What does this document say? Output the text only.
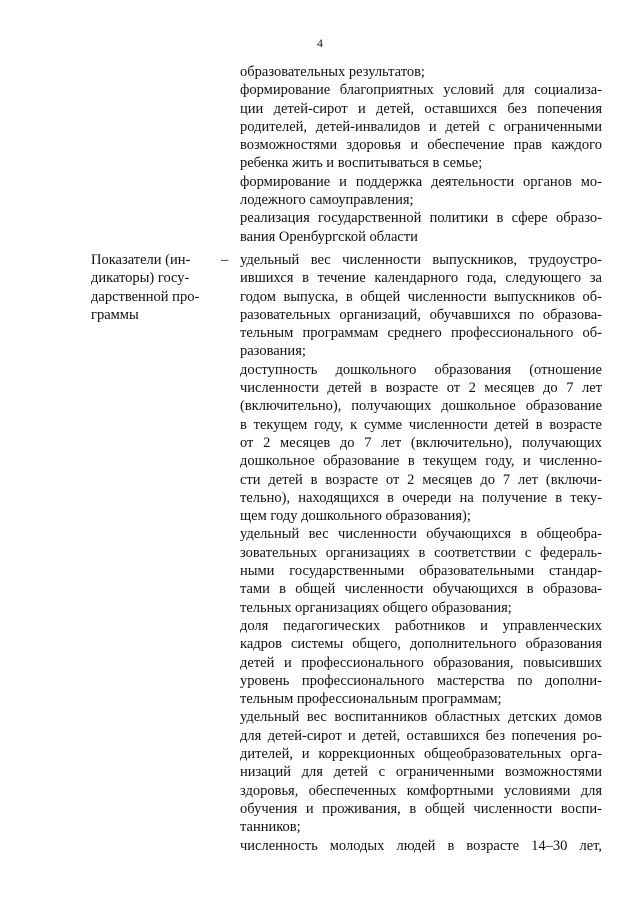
4
образовательных результатов;
формирование благоприятных условий для социализа-
ции детей-сирот и детей, оставшихся без попечения
родителей, детей-инвалидов и детей с ограниченными
возможностями здоровья и обеспечение прав каждого
ребенка жить и воспитываться в семье;
формирование и поддержка деятельности органов мо-
лодежного самоуправления;
реализация государственной политики в сфере образо-
вания Оренбургской области
Показатели (ин-
дикаторы) госу-
дарственной про-
граммы
– удельный вес численности выпускников, трудоустро-
ившихся в течение календарного года, следующего за
годом выпуска, в общей численности выпускников об-
разовательных организаций, обучавшихся по образова-
тельным программам среднего профессионального об-
разования;
доступность дошкольного образования (отношение
численности детей в возрасте от 2 месяцев до 7 лет
(включительно), получающих дошкольное образование
в текущем году, к сумме численности детей в возрасте
от 2 месяцев до 7 лет (включительно), получающих
дошкольное образование в текущем году, и численно-
сти детей в возрасте от 2 месяцев до 7 лет (включи-
тельно), находящихся в очереди на получение в теку-
щем году дошкольного образования);
удельный вес численности обучающихся в общеобра-
зовательных организациях в соответствии с федераль-
ными государственными образовательными стандар-
тами в общей численности обучающихся в образова-
тельных организациях общего образования;
доля педагогических работников и управленческих
кадров системы общего, дополнительного образования
детей и профессионального образования, повысивших
уровень профессионального мастерства по дополни-
тельным профессиональным программам;
удельный вес воспитанников областных детских домов
для детей-сирот и детей, оставшихся без попечения ро-
дителей, и коррекционных общеобразовательных орга-
низаций для детей с ограниченными возможностями
здоровья, обеспеченных комфортными условиями для
обучения и проживания, в общей численности воспи-
танников;
численность молодых людей в возрасте 14–30 лет,
